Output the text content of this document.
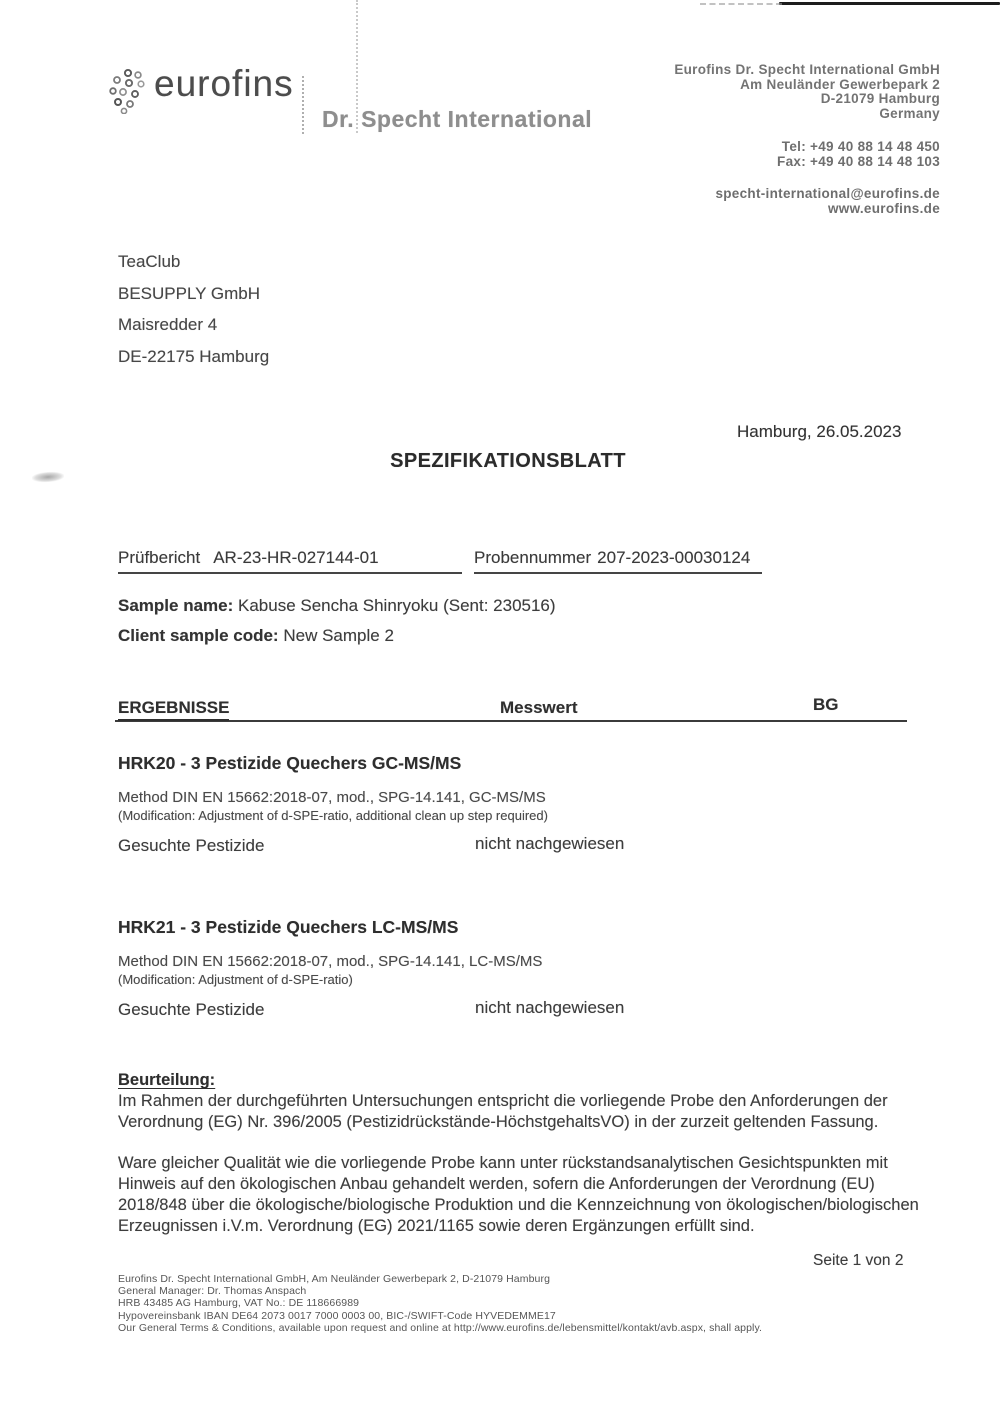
eurofins
Dr. Specht International
Eurofins Dr. Specht International GmbH
Am Neuländer Gewerbepark 2
D-21079 Hamburg
Germany
Tel: +49 40 88 14 48 450
Fax: +49 40 88 14 48 103
specht-international@eurofins.de
www.eurofins.de
TeaClub
BESUPPLY GmbH
Maisredder 4
DE-22175 Hamburg
Hamburg, 26.05.2023
SPEZIFIKATIONSBLATT
Prüfbericht AR-23-HR-027144-01	Probennummer 207-2023-00030124
Sample name: Kabuse Sencha Shinryoku (Sent: 230516)
Client sample code: New Sample 2
ERGEBNISSE	Messwert	BG
HRK20 - 3 Pestizide Quechers GC-MS/MS
Method DIN EN 15662:2018-07, mod., SPG-14.141, GC-MS/MS
(Modification: Adjustment of d-SPE-ratio, additional clean up step required)
Gesuchte Pestizide	nicht nachgewiesen
HRK21 - 3 Pestizide Quechers LC-MS/MS
Method DIN EN 15662:2018-07, mod., SPG-14.141, LC-MS/MS
(Modification: Adjustment of d-SPE-ratio)
Gesuchte Pestizide	nicht nachgewiesen
Beurteilung:

Im Rahmen der durchgeführten Untersuchungen entspricht die vorliegende Probe den Anforderungen der Verordnung (EG) Nr. 396/2005 (Pestizidrückstände-HöchstgehaltsVO) in der zurzeit geltenden Fassung.

Ware gleicher Qualität wie die vorliegende Probe kann unter rückstandsanalytischen Gesichtspunkten mit Hinweis auf den ökologischen Anbau gehandelt werden, sofern die Anforderungen der Verordnung (EU) 2018/848 über die ökologische/biologische Produktion und die Kennzeichnung von ökologischen/biologischen Erzeugnissen i.V.m. Verordnung (EG) 2021/1165 sowie deren Ergänzungen erfüllt sind.

Seite 1 von 2
Eurofins Dr. Specht International GmbH, Am Neuländer Gewerbepark 2, D-21079 Hamburg
General Manager: Dr. Thomas Anspach
HRB 43485 AG Hamburg, VAT No.: DE 118666989
Hypovereinsbank IBAN DE64 2073 0017 7000 0003 00, BIC-/SWIFT-Code HYVEDEMME17
Our General Terms & Conditions, available upon request and online at http://www.eurofins.de/lebensmittel/kontakt/avb.aspx, shall apply.
